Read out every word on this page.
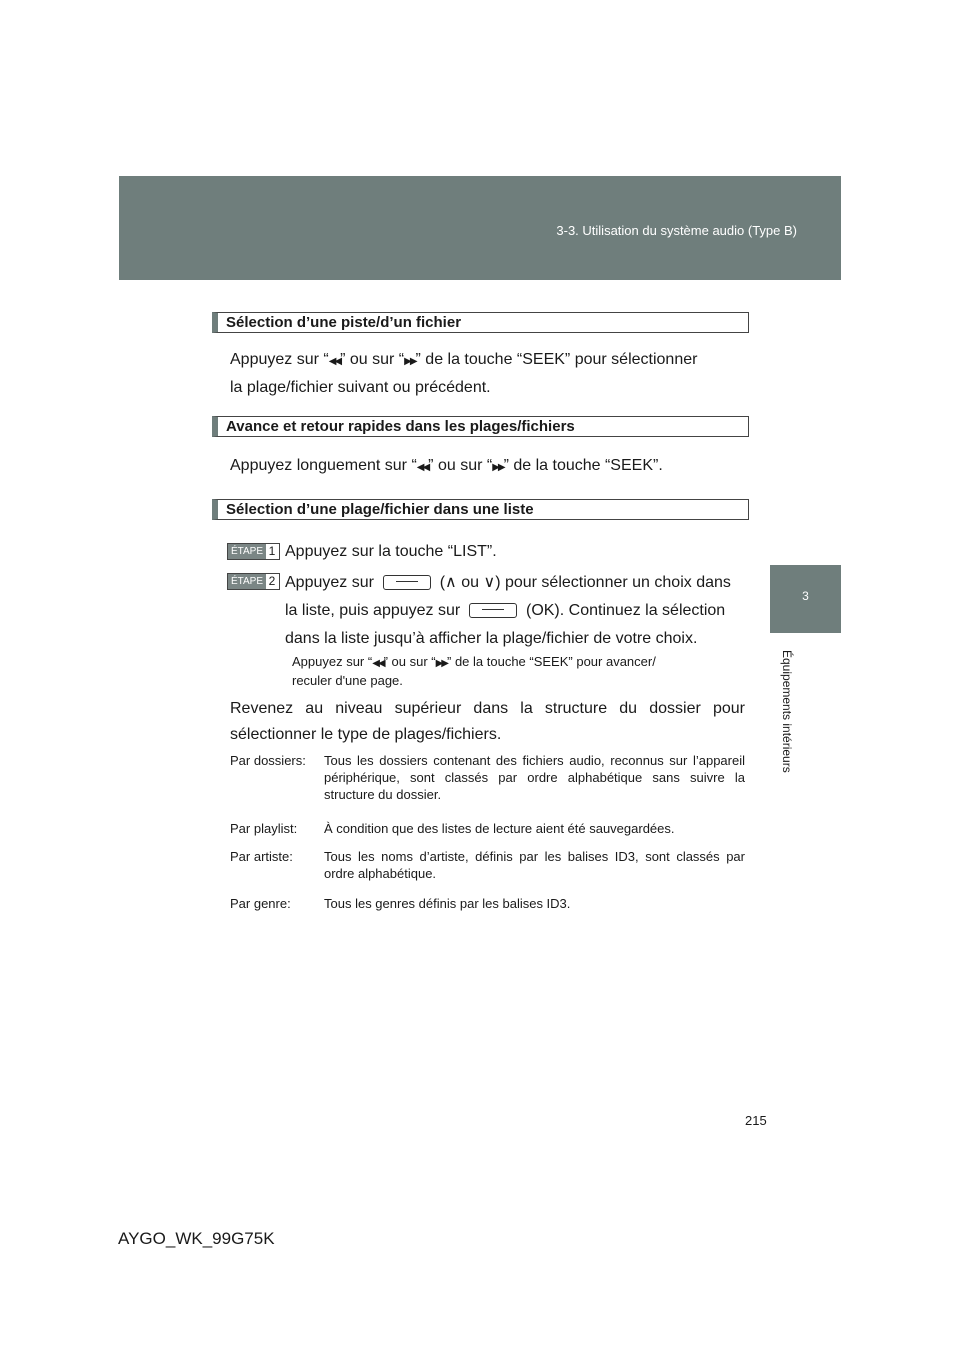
3-3. Utilisation du système audio (Type B)
3
Équipements intérieurs
Sélection d’une piste/d’un fichier
Appuyez sur “◀◀” ou sur “▶▶” de la touche “SEEK” pour sélectionner
la plage/fichier suivant ou précédent.
Avance et retour rapides dans les plages/fichiers
Appuyez longuement sur “◀◀” ou sur “▶▶” de la touche “SEEK”.
Sélection d’une plage/fichier dans une liste
ÉTAPE 1 Appuyez sur la touche “LIST”.
ÉTAPE 2 Appuyez sur	(∧ ou ∨) pour sélectionner un choix dans
la liste, puis appuyez sur	(OK). Continuez la sélection
dans la liste jusqu’à afficher la plage/fichier de votre choix.
Appuyez sur “◀◀” ou sur “▶▶” de la touche “SEEK” pour avancer/
reculer d'une page.
Revenez au niveau supérieur dans la structure du dossier pour sélectionner le type de plages/fichiers.
Par dossiers:	Tous les dossiers contenant des fichiers audio, reconnus sur l’appareil périphérique, sont classés par ordre alphabétique sans suivre la structure du dossier.
Par playlist:	À condition que des listes de lecture aient été sauvegardées.
Par artiste:	Tous les noms d’artiste, définis par les balises ID3, sont classés par ordre alphabétique.
Par genre:	Tous les genres définis par les balises ID3.
215
AYGO_WK_99G75K
